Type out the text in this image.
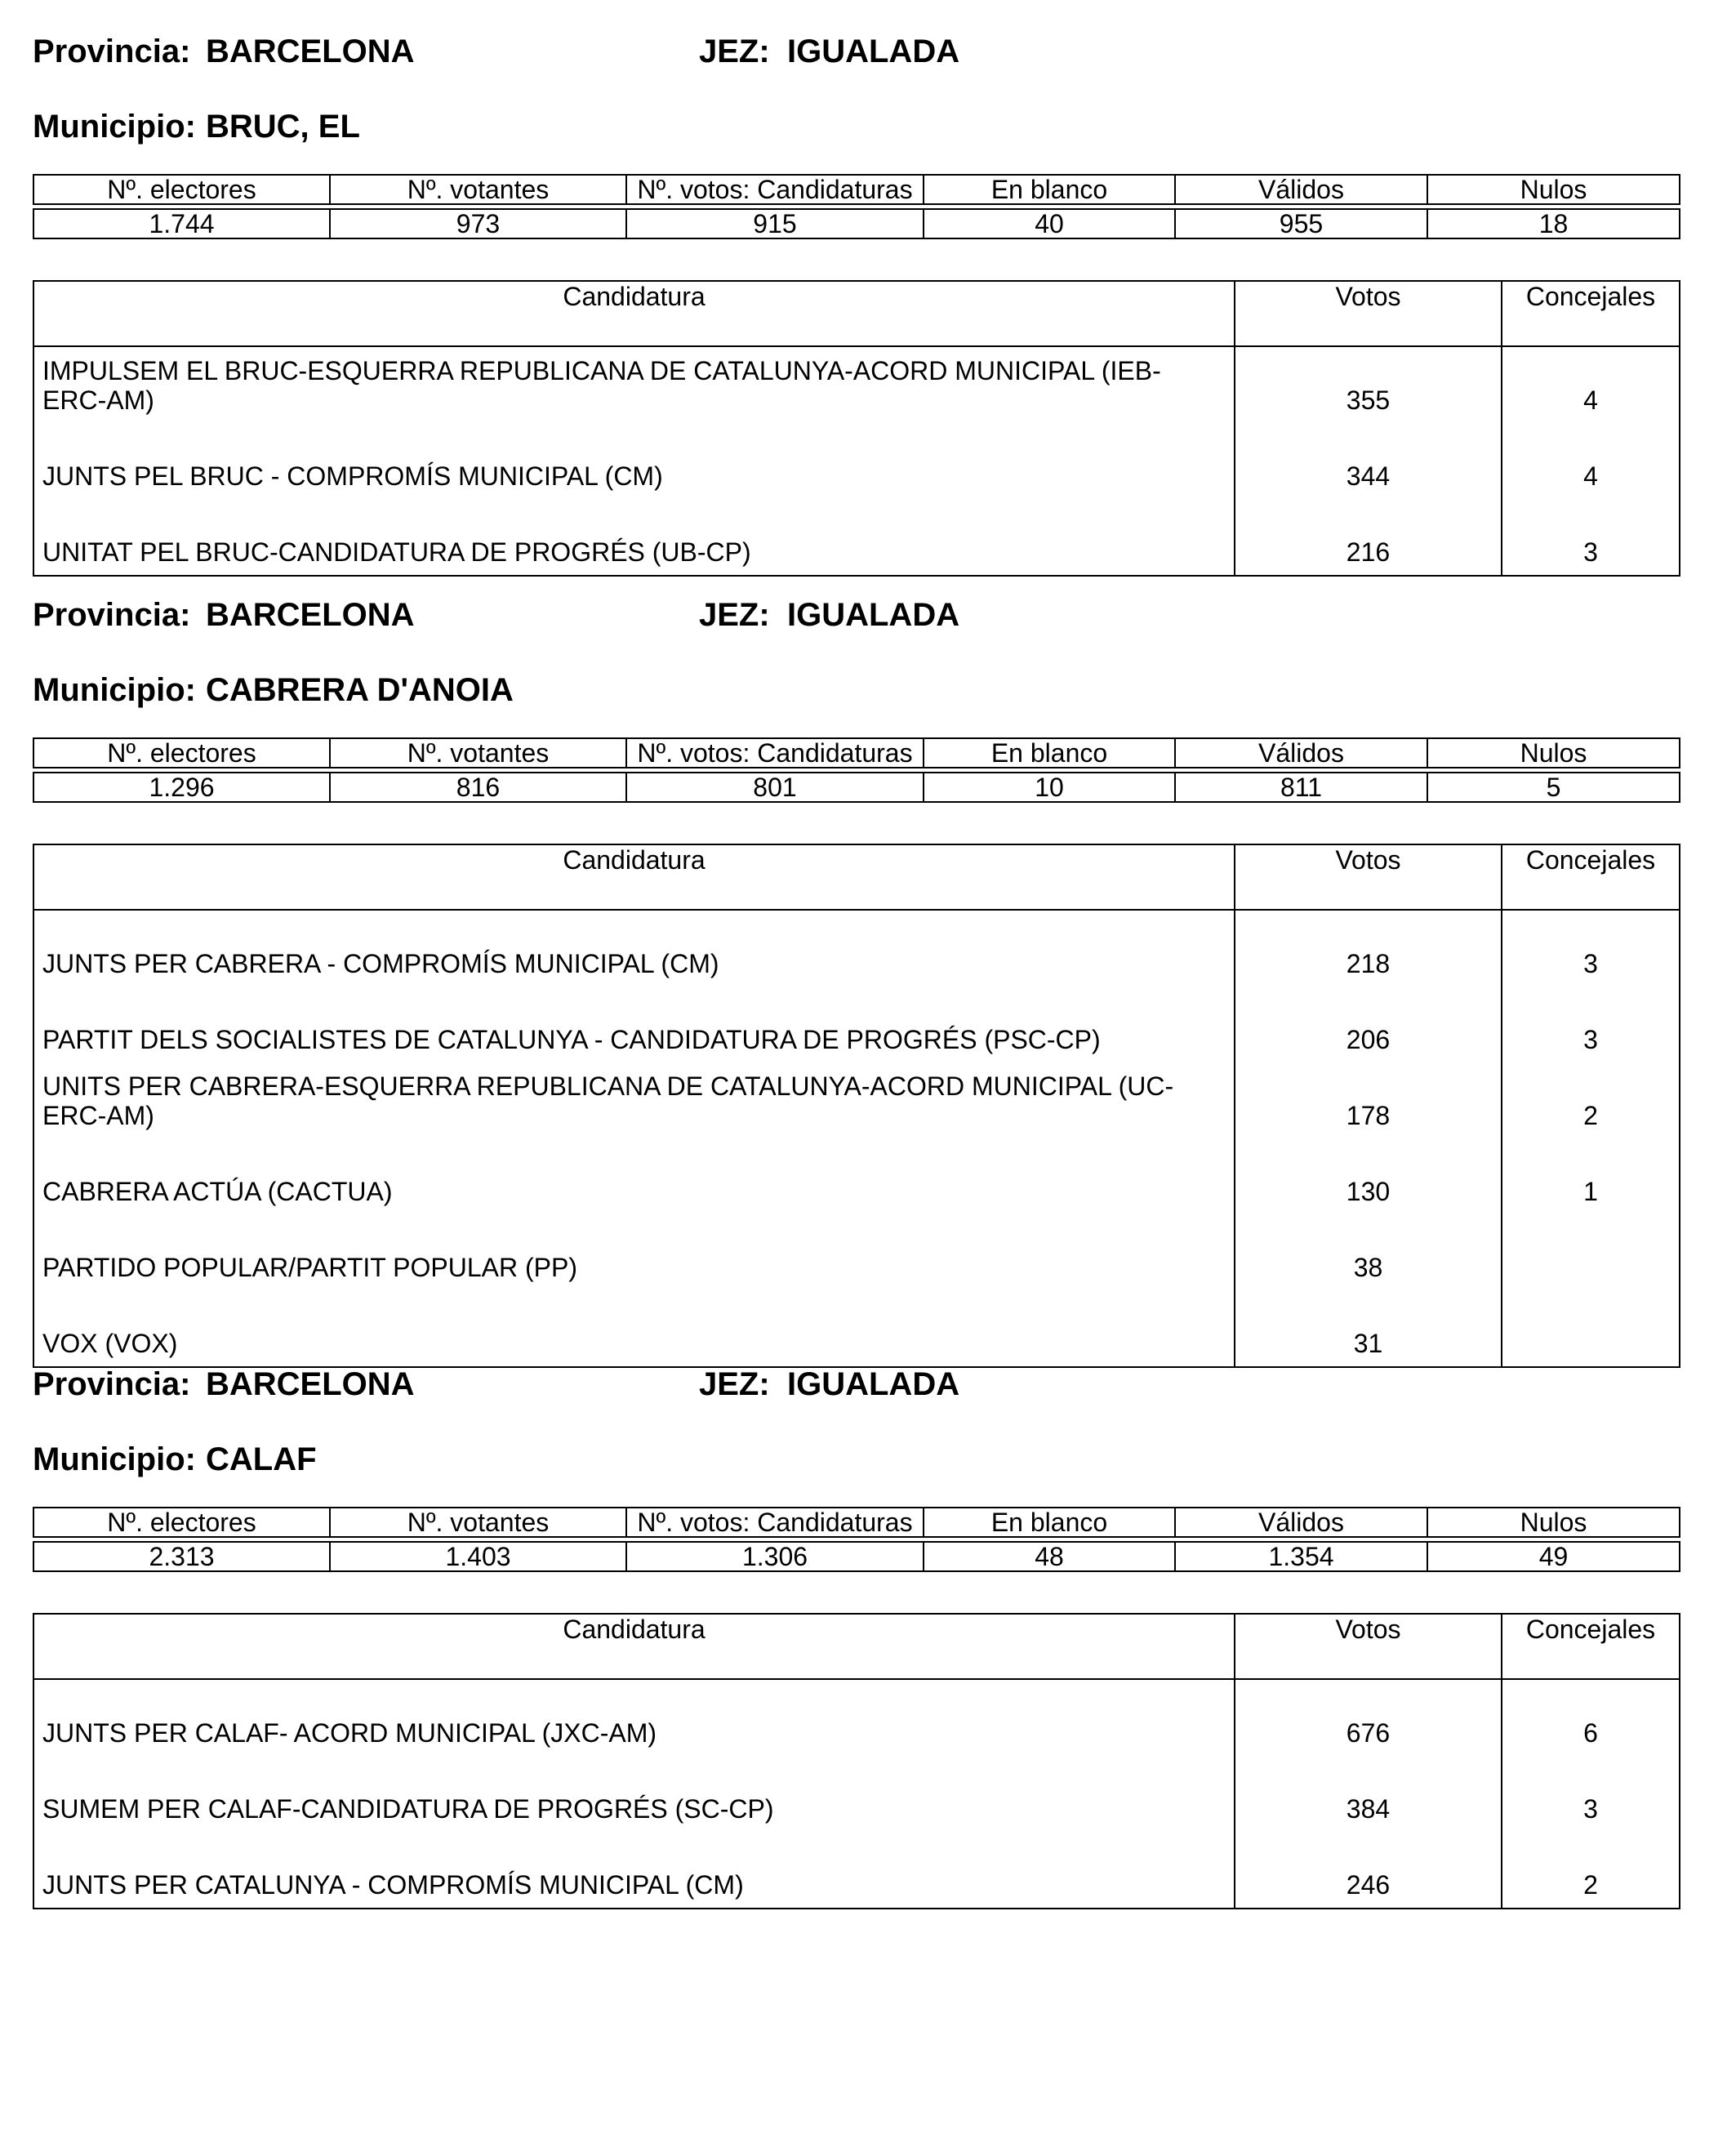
Provincia: BARCELONA	JEZ: IGUALADA
Municipio: BRUC, EL
Nº. electores	Nº. votantes	Nº. votos: Candidaturas	En blanco	Válidos	Nulos

1.744	973	915	40	955	18
Candidatura	Votos	Concejales
IMPULSEM EL BRUC-ESQUERRA REPUBLICANA DE CATALUNYA-ACORD MUNICIPAL (IEB-ERC-AM)	355	4
JUNTS PEL BRUC - COMPROMÍS MUNICIPAL (CM)	344	4
UNITAT PEL BRUC-CANDIDATURA DE PROGRÉS (UB-CP)	216	3
Provincia: BARCELONA	JEZ: IGUALADA
Municipio: CABRERA D'ANOIA
Nº. electores	Nº. votantes	Nº. votos: Candidaturas	En blanco	Válidos	Nulos

1.296	816	801	10	811	5
Candidatura	Votos	Concejales
JUNTS PER CABRERA - COMPROMÍS MUNICIPAL (CM)	218	3
PARTIT DELS SOCIALISTES DE CATALUNYA - CANDIDATURA DE PROGRÉS (PSC-CP)	206	3
UNITS PER CABRERA-ESQUERRA REPUBLICANA DE CATALUNYA-ACORD MUNICIPAL (UC-ERC-AM)	178	2
CABRERA ACTÚA (CACTUA)	130	1
PARTIDO POPULAR/PARTIT POPULAR (PP)	38	
VOX (VOX)	31	
Provincia: BARCELONA	JEZ: IGUALADA
Municipio: CALAF
Nº. electores	Nº. votantes	Nº. votos: Candidaturas	En blanco	Válidos	Nulos

2.313	1.403	1.306	48	1.354	49
Candidatura	Votos	Concejales
JUNTS PER CALAF- ACORD MUNICIPAL (JXC-AM)	676	6
SUMEM PER CALAF-CANDIDATURA DE PROGRÉS (SC-CP)	384	3
JUNTS PER CATALUNYA - COMPROMÍS MUNICIPAL (CM)	246	2
